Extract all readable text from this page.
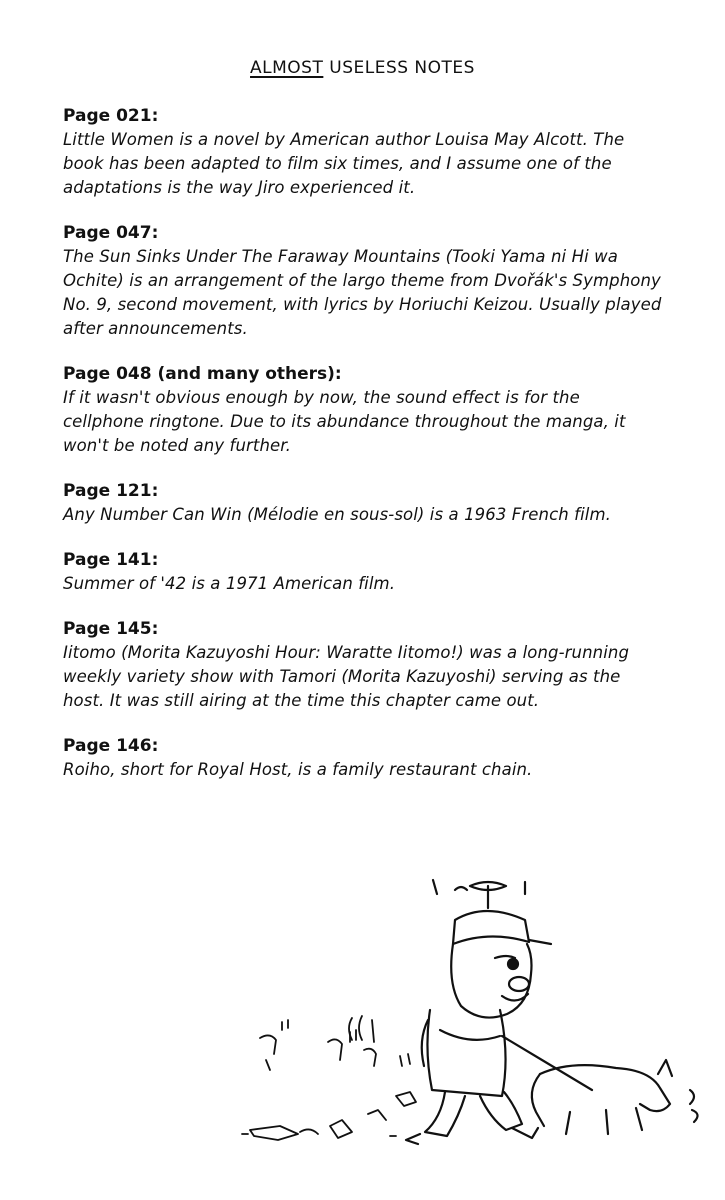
ALMOST USELESS NOTES
Page 021:
Little Women is a novel by American author Louisa May Alcott. The book has been adapted to film six times, and I assume one of the adaptations is the way Jiro experienced it.
Page 047:
The Sun Sinks Under The Faraway Mountains (Tooki Yama ni Hi wa Ochite) is an arrangement of the largo theme from Dvořák's Symphony No. 9, second movement, with lyrics by Horiuchi Keizou. Usually played after announcements.
Page 048 (and many others):
If it wasn't obvious enough by now, the sound effect is for the cellphone ringtone. Due to its abundance throughout the manga, it won't be noted any further.
Page 121:
Any Number Can Win (Mélodie en sous-sol) is a 1963 French film.
Page 141:
Summer of '42 is a 1971 American film.
Page 145:
Iitomo (Morita Kazuyoshi Hour: Waratte Iitomo!) was a long-running weekly variety show with Tamori (Morita Kazuyoshi) serving as the host. It was still airing at the time this chapter came out.
Page 146:
Roiho, short for Royal Host, is a family restaurant chain.
